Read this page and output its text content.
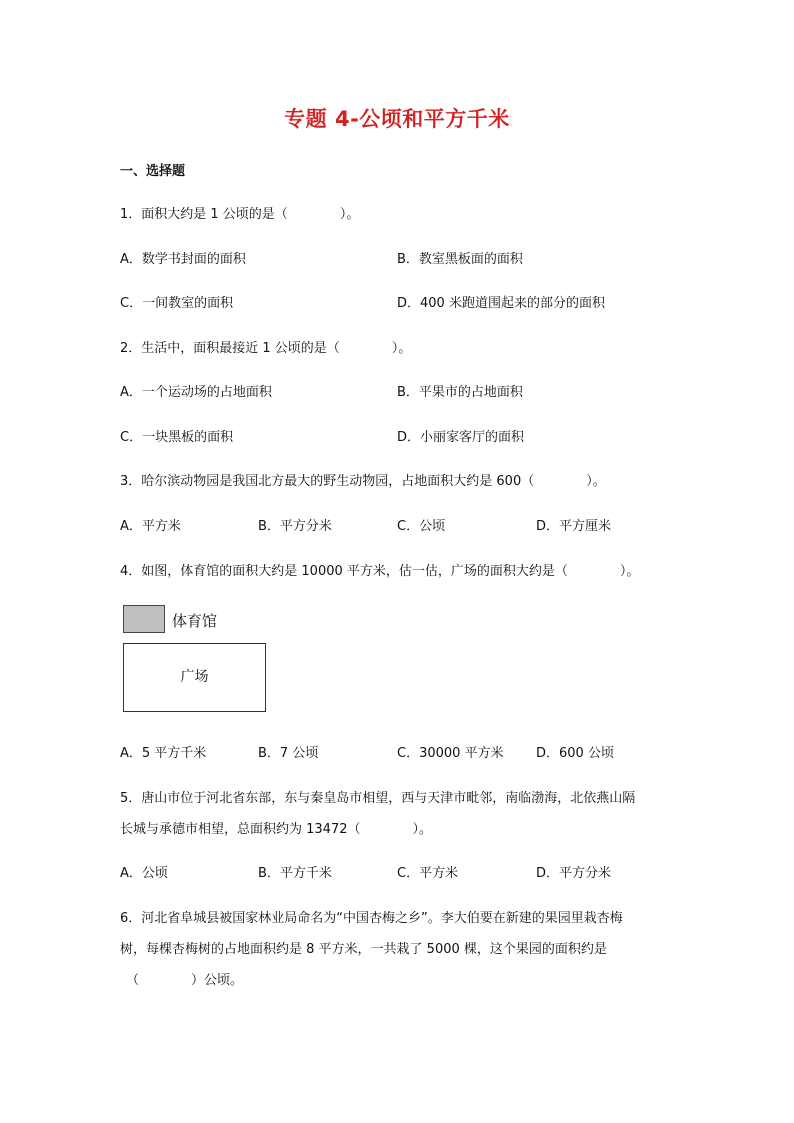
专题 4-公顷和平方千米
一、选择题
1．面积大约是 1 公顷的是（	）。
A．数学书封面的面积	B．教室黑板面的面积
C．一间教室的面积	D．400 米跑道围起来的部分的面积
2．生活中，面积最接近 1 公顷的是（	）。
A．一个运动场的占地面积	B．平果市的占地面积
C．一块黑板的面积	D．小丽家客厅的面积
3．哈尔滨动物园是我国北方最大的野生动物园，占地面积大约是 600（	）。
A．平方米	B．平方分米	C．公顷	D．平方厘米
4．如图，体育馆的面积大约是 10000 平方米，估一估，广场的面积大约是（	）。
体育馆
广场
A．5 平方千米	B．7 公顷	C．30000 平方米 D．600 公顷
5．唐山市位于河北省东部，东与秦皇岛市相望，西与天津市毗邻，南临渤海，北依燕山隔
长城与承德市相望，总面积约为 13472（	）。
A．公顷	B．平方千米	C．平方米	D．平方分米
6．河北省阜城县被国家林业局命名为“中国杏梅之乡”。李大伯要在新建的果园里栽杏梅
树，每棵杏梅树的占地面积约是 8 平方米，一共栽了 5000 棵，这个果园的面积约是
（	）公顷。
